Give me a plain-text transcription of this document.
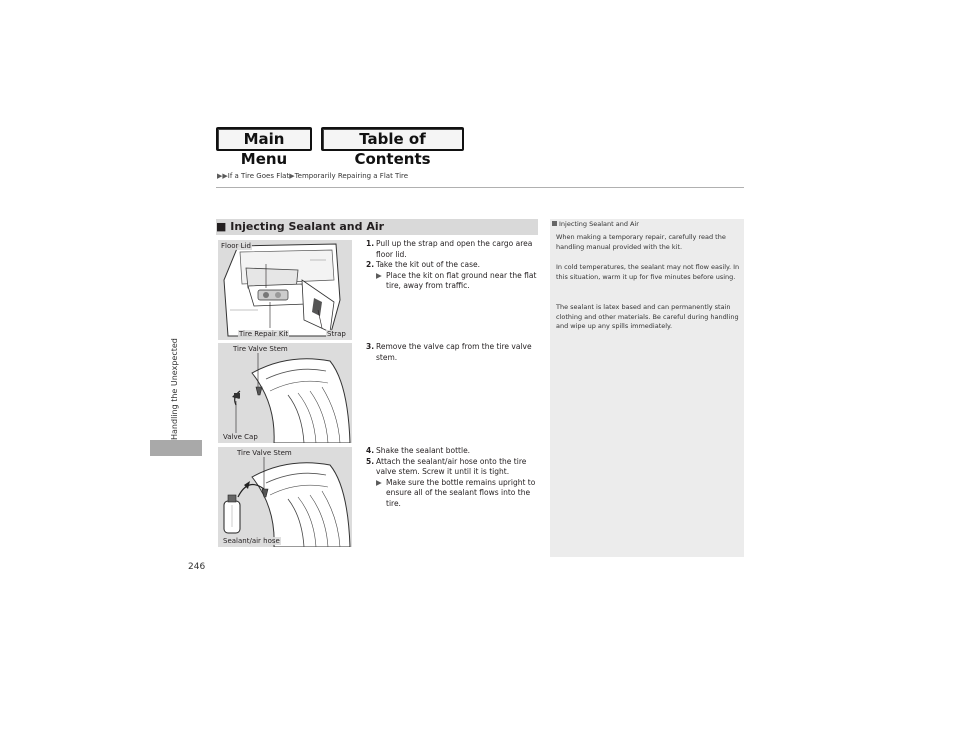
Main Menu
Table of Contents
▶▶If a Tire Goes Flat▶Temporarily Repairing a Flat Tire
Handling the Unexpected
246
■ Injecting Sealant and Air
Floor Lid
Tire Repair Kit	Strap
Tire Valve Stem
Valve Cap
Tire Valve Stem
Sealant/air hose
1. Pull up the strap and open the cargo area floor lid.
2. Take the kit out of the case.
▶ Place the kit on flat ground near the flat tire, away from traffic.
3. Remove the valve cap from the tire valve stem.
4. Shake the sealant bottle.
5. Attach the sealant/air hose onto the tire valve stem. Screw it until it is tight.
▶ Make sure the bottle remains upright to ensure all of the sealant flows into the tire.
Injecting Sealant and Air
When making a temporary repair, carefully read the handling manual provided with the kit.
In cold temperatures, the sealant may not flow easily. In this situation, warm it up for five minutes before using.
The sealant is latex based and can permanently stain clothing and other materials. Be careful during handling and wipe up any spills immediately.
